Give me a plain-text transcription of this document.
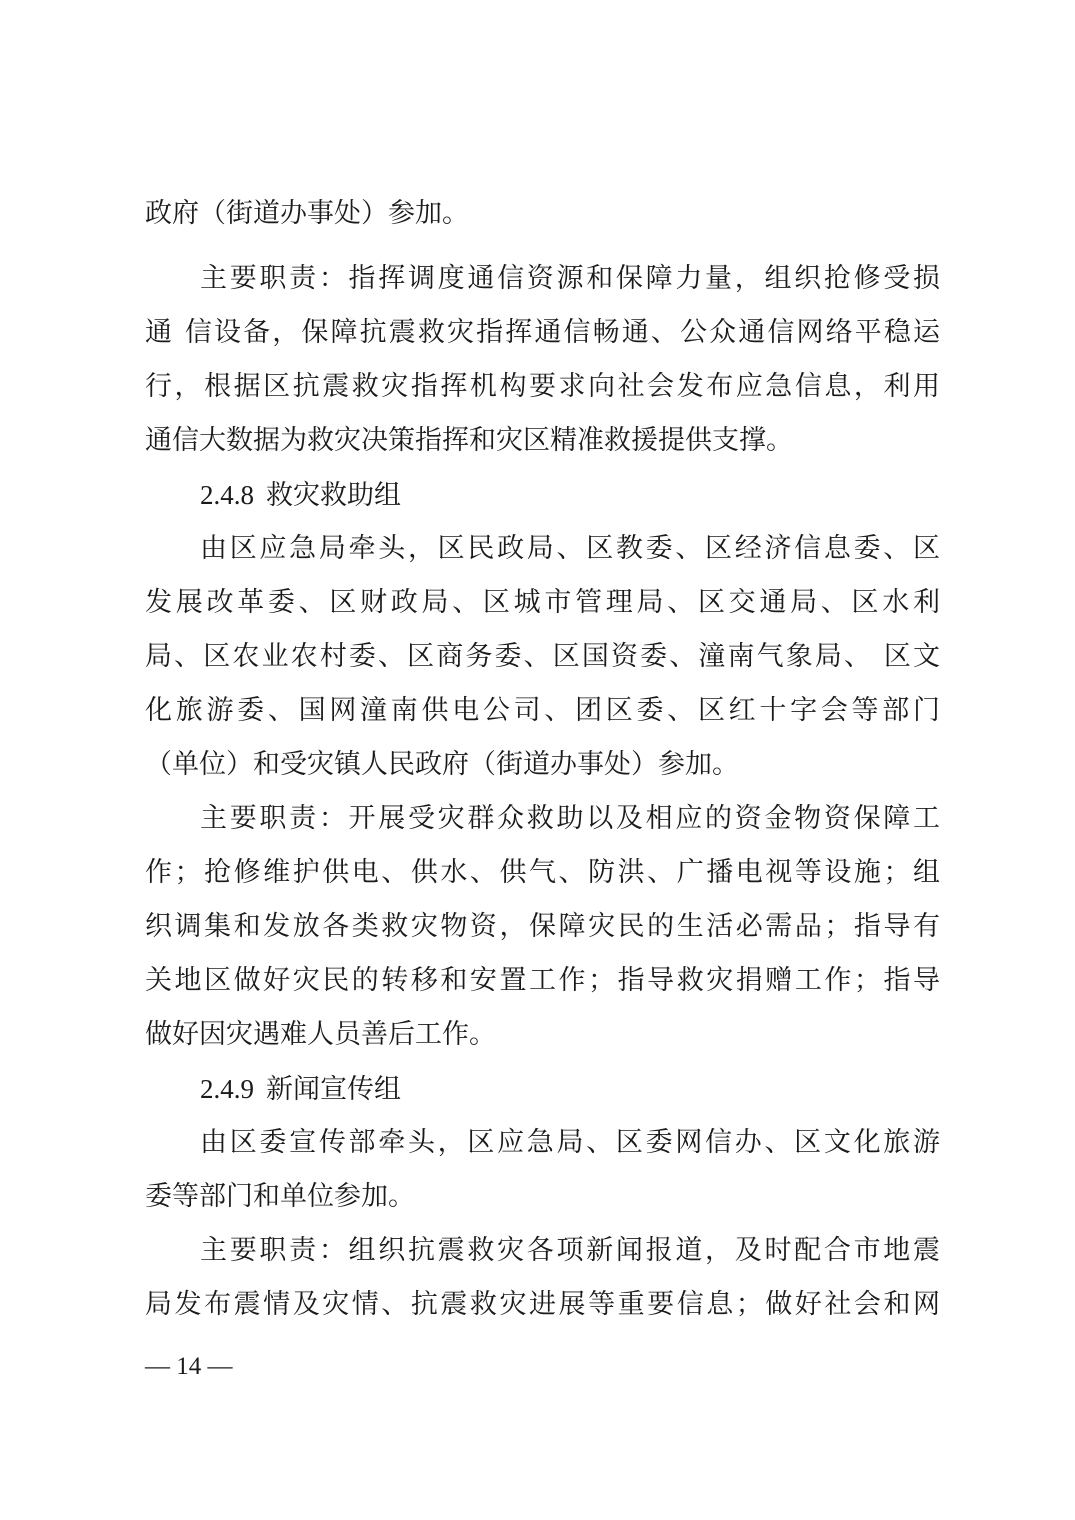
政府（街道办事处）参加。
主要职责：指挥调度通信资源和保障力量，组织抢修受损
通 信设备，保障抗震救灾指挥通信畅通、公众通信网络平稳运
行，根据区抗震救灾指挥机构要求向社会发布应急信息，利用
通信大数据为救灾决策指挥和灾区精准救援提供支撑。
2.4.8 救灾救助组
由区应急局牵头，区民政局、区教委、区经济信息委、区
发展改革委、区财政局、区城市管理局、区交通局、区水利
局、区农业农村委、区商务委、区国资委、潼南气象局、 区文
化旅游委、国网潼南供电公司、团区委、区红十字会等部门
（单位）和受灾镇人民政府（街道办事处）参加。
主要职责：开展受灾群众救助以及相应的资金物资保障工
作；抢修维护供电、供水、供气、防洪、广播电视等设施；组
织调集和发放各类救灾物资，保障灾民的生活必需品；指导有
关地区做好灾民的转移和安置工作；指导救灾捐赠工作；指导
做好因灾遇难人员善后工作。
2.4.9 新闻宣传组
由区委宣传部牵头，区应急局、区委网信办、区文化旅游
委等部门和单位参加。
主要职责：组织抗震救灾各项新闻报道，及时配合市地震
局发布震情及灾情、抗震救灾进展等重要信息；做好社会和网
— 14 —
